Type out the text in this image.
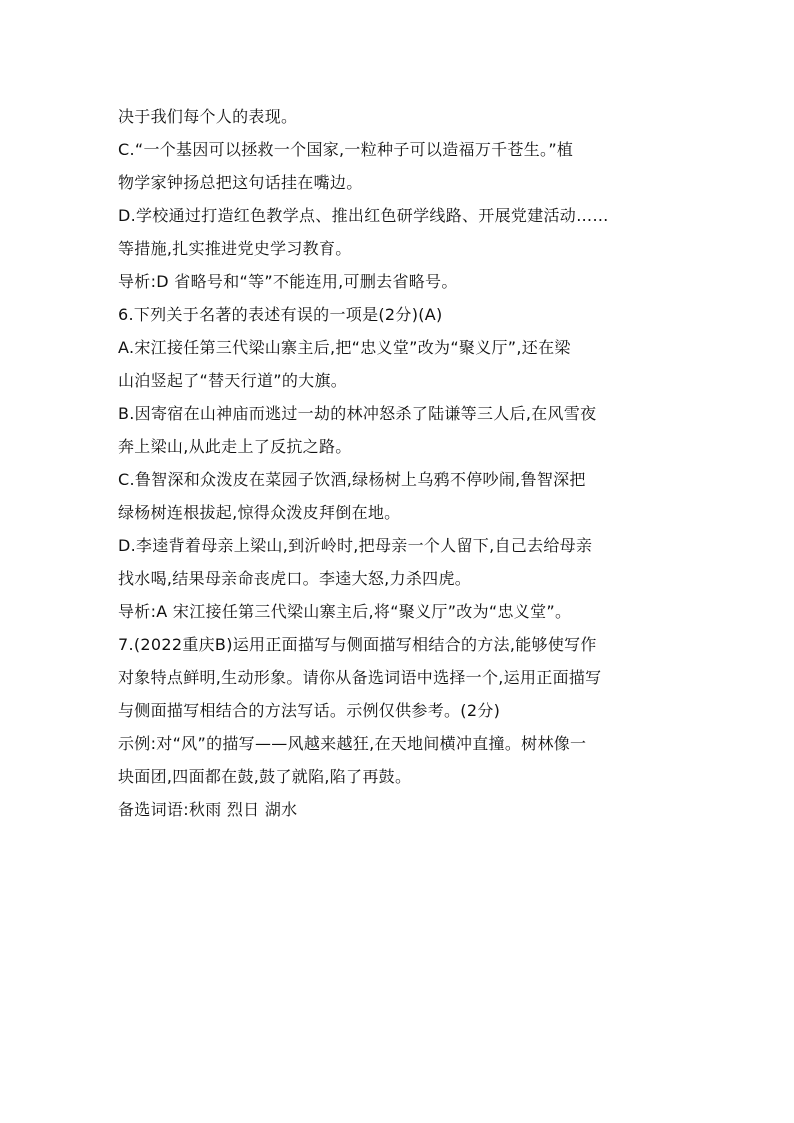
决于我们每个人的表现。
C.“一个基因可以拯救一个国家,一粒种子可以造福万千苍生。”植
物学家钟扬总把这句话挂在嘴边。
D.学校通过打造红色教学点、推出红色研学线路、开展党建活动……
等措施,扎实推进党史学习教育。
导析:D 省略号和“等”不能连用,可删去省略号。
6.下列关于名著的表述有误的一项是(2分)(A)
A.宋江接任第三代梁山寨主后,把“忠义堂”改为“聚义厅”,还在梁
山泊竖起了“替天行道”的大旗。
B.因寄宿在山神庙而逃过一劫的林冲怒杀了陆谦等三人后,在风雪夜
奔上梁山,从此走上了反抗之路。
C.鲁智深和众泼皮在菜园子饮酒,绿杨树上乌鸦不停吵闹,鲁智深把
绿杨树连根拔起,惊得众泼皮拜倒在地。
D.李逵背着母亲上梁山,到沂岭时,把母亲一个人留下,自己去给母亲
找水喝,结果母亲命丧虎口。李逵大怒,力杀四虎。
导析:A 宋江接任第三代梁山寨主后,将“聚义厅”改为“忠义堂”。
7.(2022重庆B)运用正面描写与侧面描写相结合的方法,能够使写作
对象特点鲜明,生动形象。请你从备选词语中选择一个,运用正面描写
与侧面描写相结合的方法写话。示例仅供参考。(2分)
示例:对“风”的描写——风越来越狂,在天地间横冲直撞。树林像一
块面团,四面都在鼓,鼓了就陷,陷了再鼓。
备选词语:秋雨 烈日 湖水
